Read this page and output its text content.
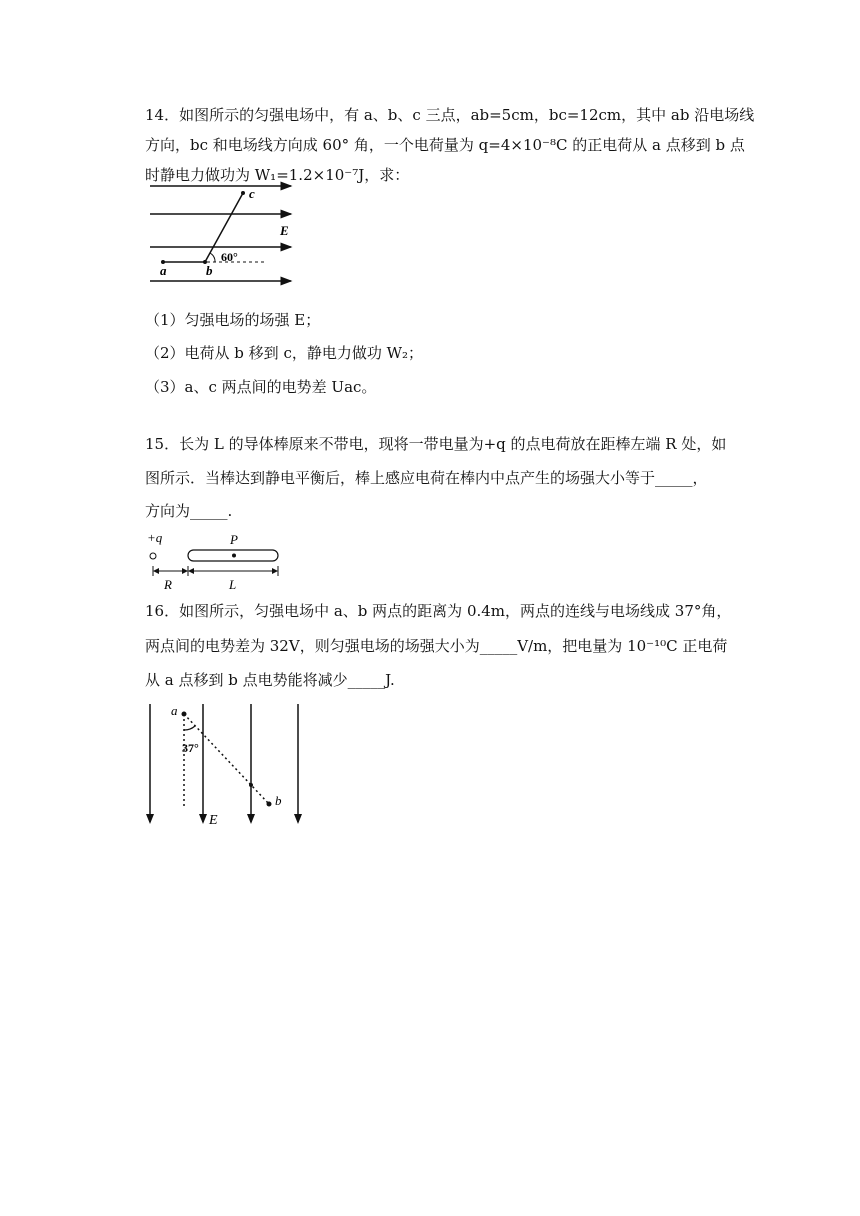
14．如图所示的匀强电场中，有 a、b、c 三点，ab=5cm，bc=12cm，其中 ab 沿电场线
方向，bc 和电场线方向成 60° 角，一个电荷量为 q=4×10⁻⁸C 的正电荷从 a 点移到 b 点
时静电力做功为 W₁=1.2×10⁻⁷J，求：
c
E
60°
a	b
（1）匀强电场的场强 E；
（2）电荷从 b 移到 c，静电力做功 W₂；
（3）a、c 两点间的电势差 Uac。
15．长为 L 的导体棒原来不带电，现将一带电量为+q 的点电荷放在距棒左端 R 处，如
图所示．当棒达到静电平衡后，棒上感应电荷在棒内中点产生的场强大小等于_____，
方向为_____.
+q	P
R	L
16．如图所示，匀强电场中 a、b 两点的距离为 0.4m，两点的连线与电场线成 37°角，
两点间的电势差为 32V，则匀强电场的场强大小为_____V/m，把电量为 10⁻¹⁰C 正电荷
从 a 点移到 b 点电势能将减少_____J.
a
b
37°
E
